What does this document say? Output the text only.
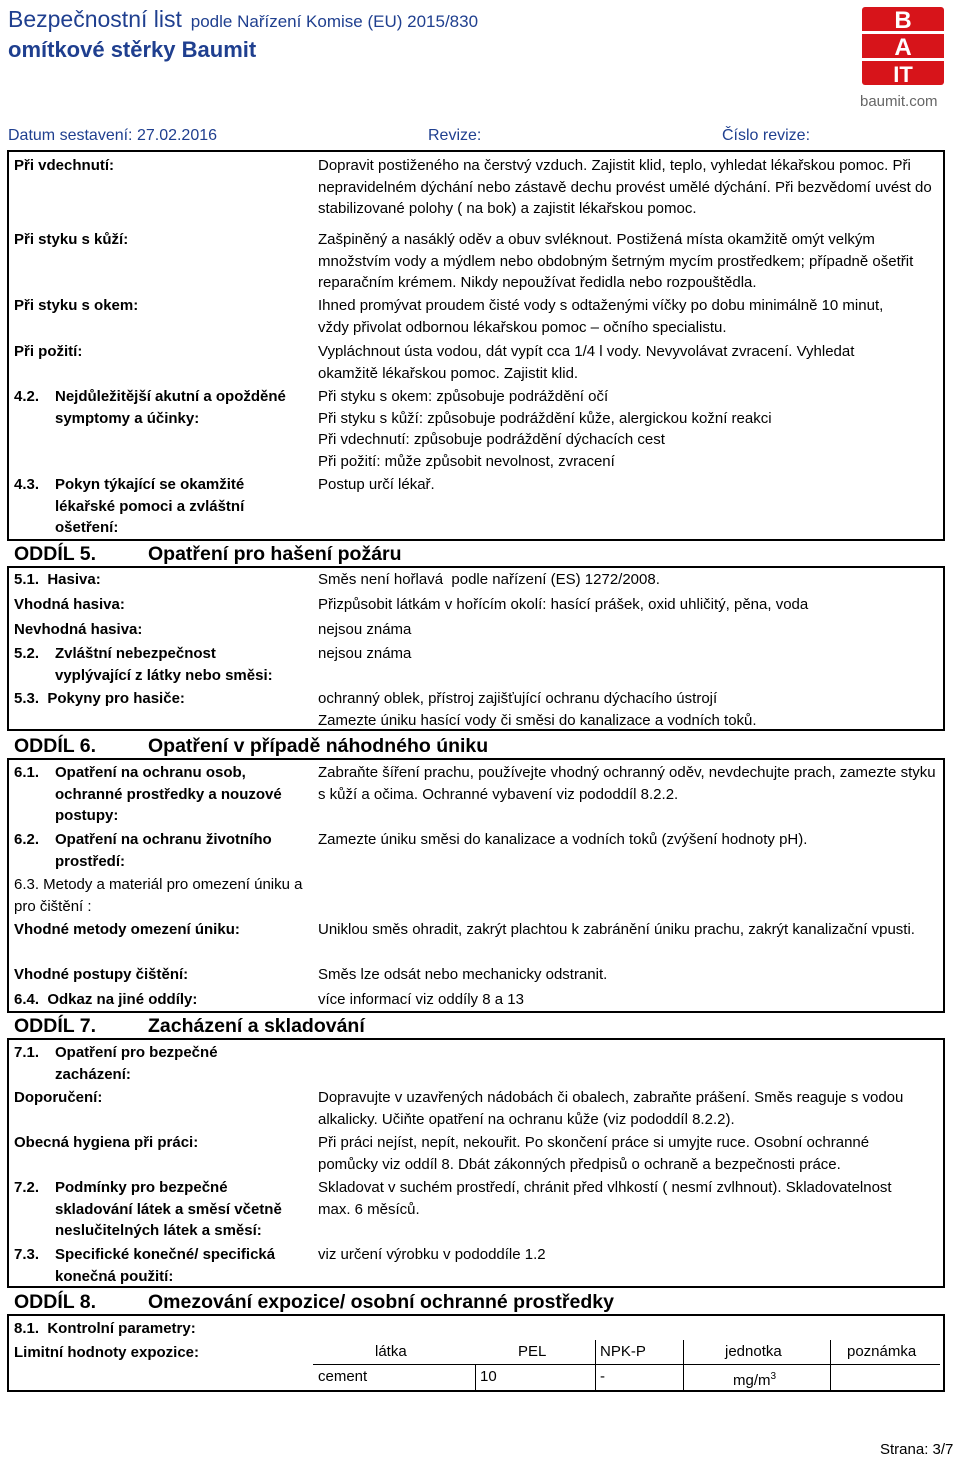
Bezpečnostní list podle Nařízení Komise (EU) 2015/830
omítkové stěrky Baumit
B
A
IT
baumit.com
Datum sestavení: 27.02.2016	Revize:	Číslo revize:
Při vdechnutí:	Dopravit postiženého na čerstvý vzduch. Zajistit klid, teplo, vyhledat lékařskou pomoc. Při nepravidelném dýchání nebo zástavě dechu provést umělé dýchání. Při bezvědomí uvést do stabilizované polohy ( na bok) a zajistit lékařskou pomoc.
Při styku s kůží:	Zašpiněný a nasáklý oděv a obuv svléknout. Postižená místa okamžitě omýt velkým množstvím vody a mýdlem nebo obdobným šetrným mycím prostředkem; případně ošetřit reparačním krémem. Nikdy nepoužívat ředidla nebo rozpouštědla.
Při styku s okem:	Ihned promývat proudem čisté vody s odtaženými víčky po dobu minimálně 10 minut, vždy přivolat odbornou lékařskou pomoc – očního specialistu.
Při požití:	Vypláchnout ústa vodou, dát vypít cca 1/4 l vody. Nevyvolávat zvracení. Vyhledat okamžitě lékařskou pomoc. Zajistit klid.
4.2. Nejdůležitější akutní a opožděné symptomy a účinky:
Při styku s okem: způsobuje podráždění očí
Při styku s kůží: způsobuje podráždění kůže, alergickou kožní reakci
Při vdechnutí: způsobuje podráždění dýchacích cest
Při požití: může způsobit nevolnost, zvracení
4.3. Pokyn týkající se okamžité lékařské pomoci a zvláštní ošetření:
Postup určí lékař.
ODDÍL 5.	Opatření pro hašení požáru
5.1.  Hasiva:	Směs není hořlavá  podle nařízení (ES) 1272/2008.
Vhodná hasiva:	Přizpůsobit látkám v hořícím okolí: hasící prášek, oxid uhličitý, pěna, voda
Nevhodná hasiva:	nejsou známa
5.2. Zvláštní nebezpečnost vyplývající z látky nebo směsi:
nejsou známa
5.3.  Pokyny pro hasiče:	ochranný oblek, přístroj zajišťující ochranu dýchacího ústrojí
Zamezte úniku hasící vody či směsi do kanalizace a vodních toků.
ODDÍL 6.	Opatření v případě náhodného úniku
6.1. Opatření na ochranu osob, ochranné prostředky a nouzové postupy:
Zabraňte šíření prachu, používejte vhodný ochranný oděv, nevdechujte prach, zamezte styku s kůží a očima. Ochranné vybavení viz pododdíl 8.2.2.
6.2. Opatření na ochranu životního prostředí:
Zamezte úniku směsi do kanalizace a vodních toků (zvýšení hodnoty pH).
6.3. Metody a materiál pro omezení úniku a pro čištění :
Vhodné metody omezení úniku:	Uniklou směs ohradit, zakrýt plachtou k zabránění úniku prachu, zakrýt kanalizační vpusti.
Vhodné postupy čištění:	Směs lze odsát nebo mechanicky odstranit.
6.4.  Odkaz na jiné oddíly:	více informací viz oddíly 8 a 13
ODDÍL 7.	Zacházení a skladování
7.1. Opatření pro bezpečné zacházení:
Doporučení:	Dopravujte v uzavřených nádobách či obalech, zabraňte prášení. Směs reaguje s vodou alkalicky. Učiňte opatření na ochranu kůže (viz pododdíl 8.2.2).
Obecná hygiena při práci:	Při práci nejíst, nepít, nekouřit. Po skončení práce si umyjte ruce. Osobní ochranné pomůcky viz oddíl 8. Dbát zákonných předpisů o ochraně a bezpečnosti práce.
7.2. Podmínky pro bezpečné skladování látek a směsí včetně neslučitelných látek a směsí:
Skladovat v suchém prostředí, chránit před vlhkostí ( nesmí zvlhnout). Skladovatelnost max. 6 měsíců.
7.3. Specifické konečné/ specifická konečná použití:
viz určení výrobku v pododdíle 1.2
ODDÍL 8.	Omezování expozice/ osobní ochranné prostředky
8.1.  Kontrolní parametry:
Limitní hodnoty expozice:	látka	PEL	NPK-P	jednotka	poznámka
cement	10	-	$mg/m^3$
Strana: 3/7
